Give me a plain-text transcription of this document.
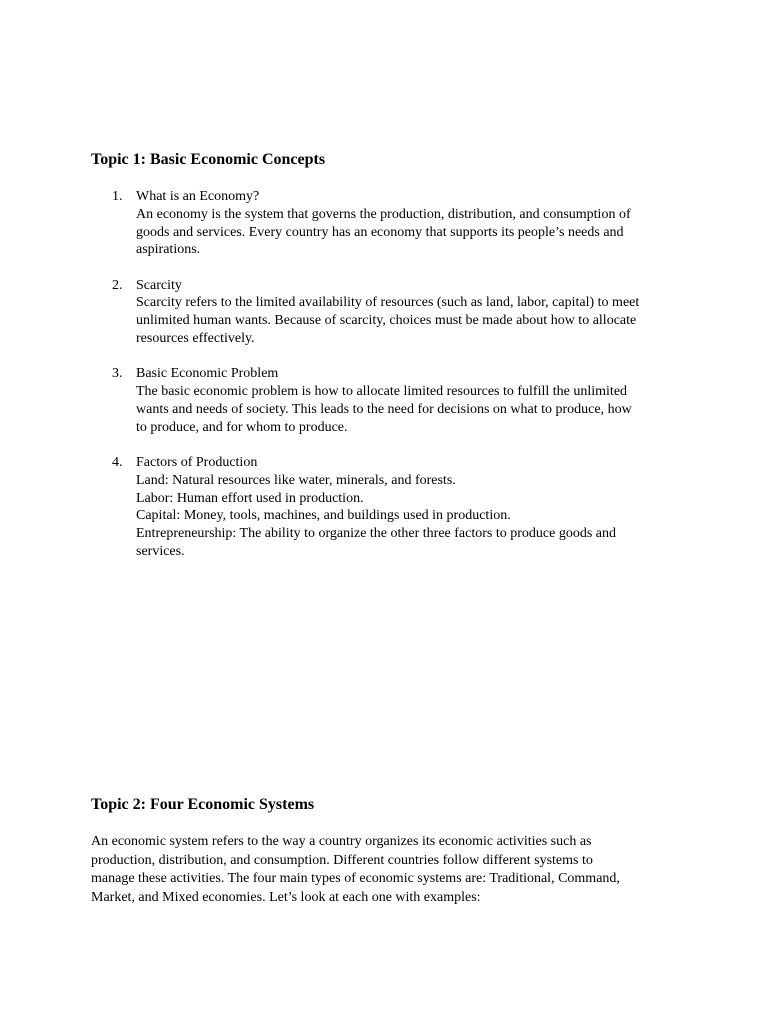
Topic 1: Basic Economic Concepts
1. What is an Economy?
An economy is the system that governs the production, distribution, and consumption of
goods and services. Every country has an economy that supports its people’s needs and
aspirations.
2. Scarcity
Scarcity refers to the limited availability of resources (such as land, labor, capital) to meet
unlimited human wants. Because of scarcity, choices must be made about how to allocate
resources effectively.
3. Basic Economic Problem
The basic economic problem is how to allocate limited resources to fulfill the unlimited
wants and needs of society. This leads to the need for decisions on what to produce, how
to produce, and for whom to produce.
4. Factors of Production
Land: Natural resources like water, minerals, and forests.
Labor: Human effort used in production.
Capital: Money, tools, machines, and buildings used in production.
Entrepreneurship: The ability to organize the other three factors to produce goods and
services.
Topic 2: Four Economic Systems

An economic system refers to the way a country organizes its economic activities such as
production, distribution, and consumption. Different countries follow different systems to
manage these activities. The four main types of economic systems are: Traditional, Command,
Market, and Mixed economies. Let’s look at each one with examples:
